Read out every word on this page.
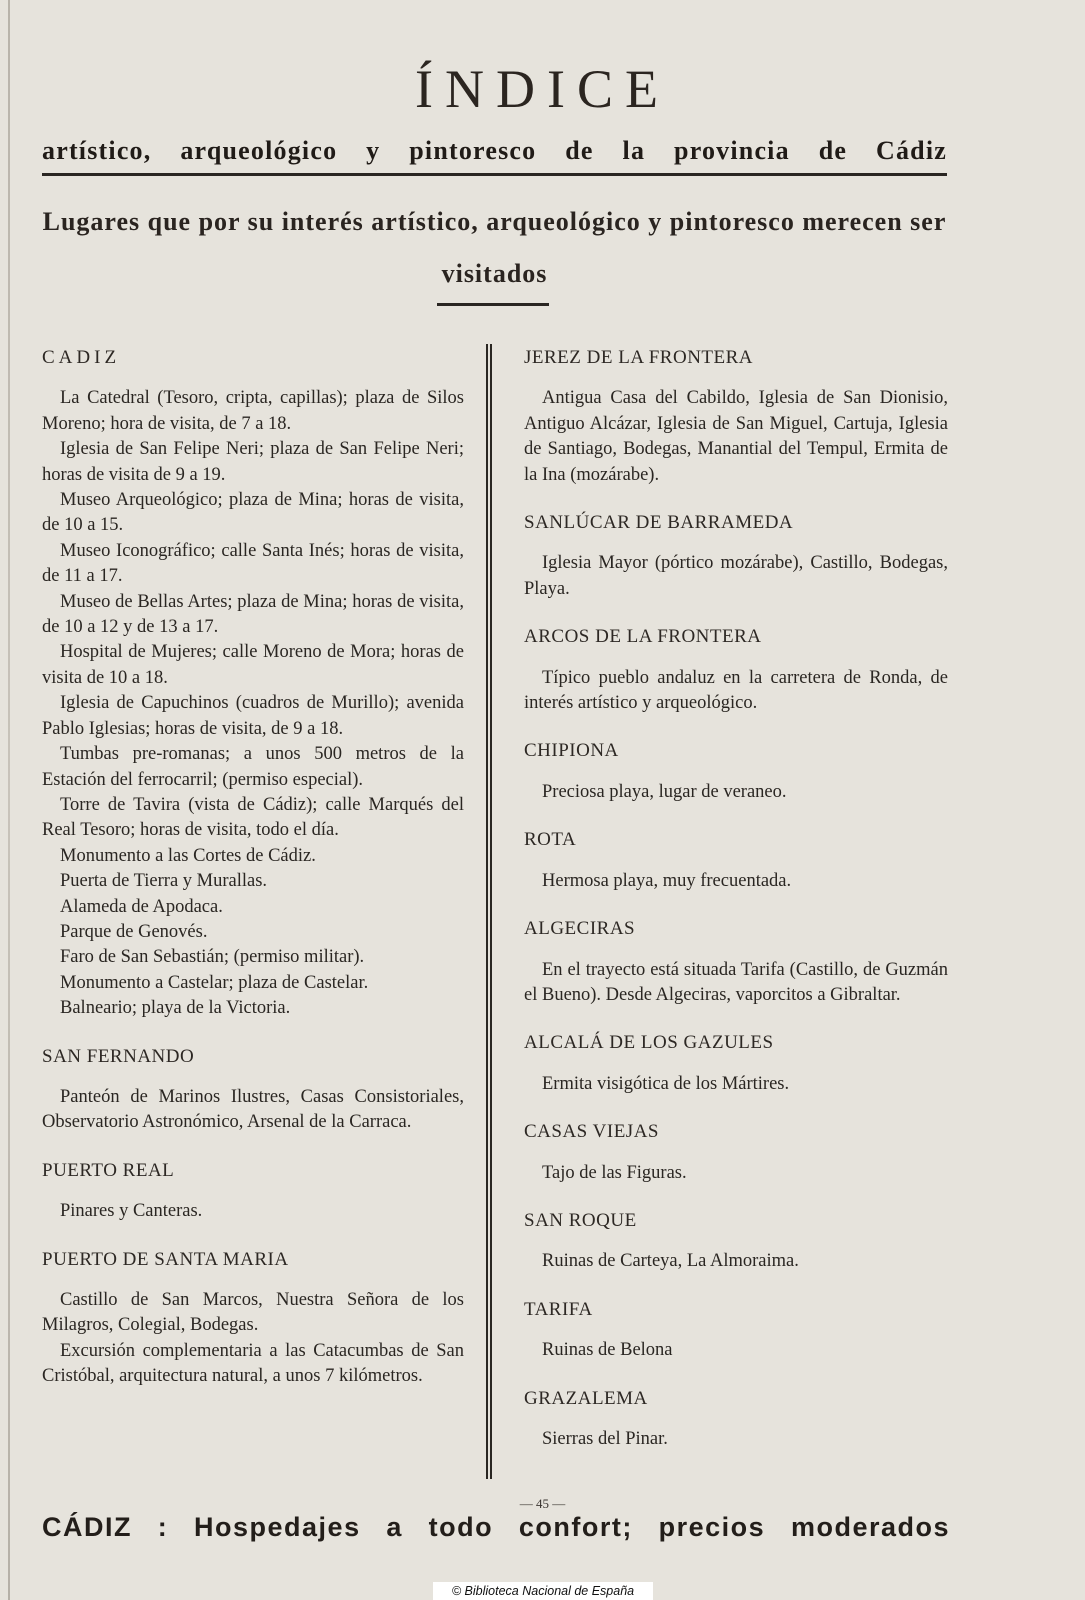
ÍNDICE
artístico, arqueológico y pintoresco de la provincia de Cádiz
Lugares que por su interés artístico, arqueológico y pintoresco merecen ser visitados
CADIZ

La Catedral (Tesoro, cripta, capillas); plaza de Silos Moreno; hora de visita, de 7 a 18.

Iglesia de San Felipe Neri; plaza de San Felipe Neri; horas de visita de 9 a 19.

Museo Arqueológico; plaza de Mina; horas de visita, de 10 a 15.

Museo Iconográfico; calle Santa Inés; horas de visita, de 11 a 17.

Museo de Bellas Artes; plaza de Mina; horas de visita, de 10 a 12 y de 13 a 17.

Hospital de Mujeres; calle Moreno de Mora; horas de visita de 10 a 18.

Iglesia de Capuchinos (cuadros de Murillo); avenida Pablo Iglesias; horas de visita, de 9 a 18.

Tumbas pre-romanas; a unos 500 metros de la Estación del ferrocarril; (permiso especial).

Torre de Tavira (vista de Cádiz); calle Marqués del Real Tesoro; horas de visita, todo el día.

Monumento a las Cortes de Cádiz.

Puerta de Tierra y Murallas.

Alameda de Apodaca.

Parque de Genovés.

Faro de San Sebastián; (permiso militar).

Monumento a Castelar; plaza de Castelar.

Balneario; playa de la Victoria.

SAN FERNANDO

Panteón de Marinos Ilustres, Casas Consistoriales, Observatorio Astronómico, Arsenal de la Carraca.

PUERTO REAL

Pinares y Canteras.

PUERTO DE SANTA MARIA

Castillo de San Marcos, Nuestra Señora de los Milagros, Colegial, Bodegas.

Excursión complementaria a las Catacumbas de San Cristóbal, arquitectura natural, a unos 7 kilómetros.

JEREZ DE LA FRONTERA

Antigua Casa del Cabildo, Iglesia de San Dionisio, Antiguo Alcázar, Iglesia de San Miguel, Cartuja, Iglesia de Santiago, Bodegas, Manantial del Tempul, Ermita de la Ina (mozárabe).

SANLÚCAR DE BARRAMEDA

Iglesia Mayor (pórtico mozárabe), Castillo, Bodegas, Playa.

ARCOS DE LA FRONTERA

Típico pueblo andaluz en la carretera de Ronda, de interés artístico y arqueológico.

CHIPIONA

Preciosa playa, lugar de veraneo.

ROTA

Hermosa playa, muy frecuentada.

ALGECIRAS

En el trayecto está situada Tarifa (Castillo, de Guzmán el Bueno). Desde Algeciras, vaporcitos a Gibraltar.

ALCALÁ DE LOS GAZULES

Ermita visigótica de los Mártires.

CASAS VIEJAS

Tajo de las Figuras.

SAN ROQUE

Ruinas de Carteya, La Almoraima.

TARIFA

Ruinas de Belona

GRAZALEMA

Sierras del Pinar.

— 45 —
CÁDIZ : Hospedajes a todo confort; precios moderados
© Biblioteca Nacional de España
